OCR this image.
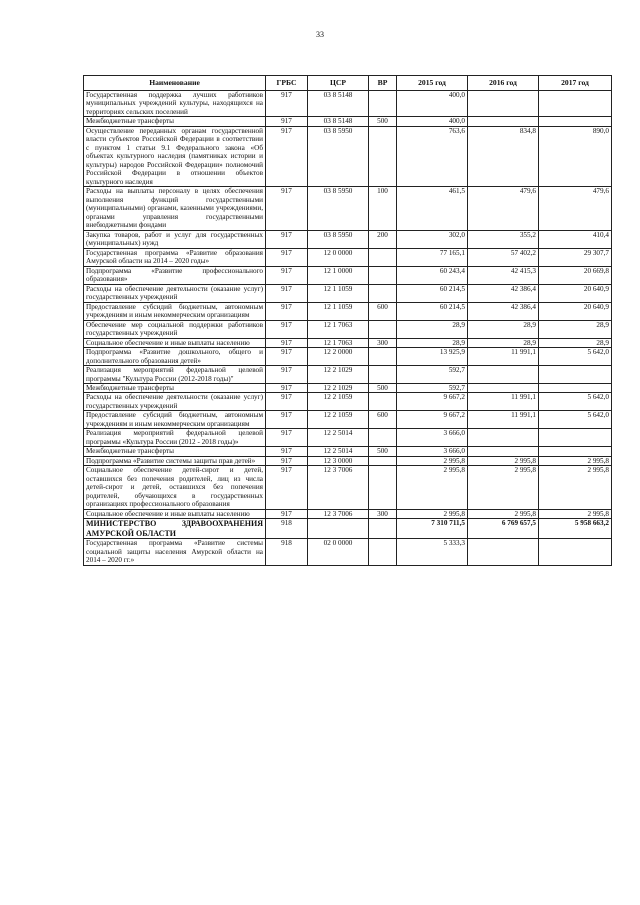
33
Наименование	ГРБС	ЦСР	ВР	2015 год	2016 год	2017 год
Государственная поддержка лучших работников муниципальных учреждений культуры, находящихся на территориях сельских поселений	917	03 8 5148		400,0		
Межбюджетные трансферты	917	03 8 5148	500	400,0		
Осуществление переданных органам государственной власти субъектов Российской Федерации в соответствии с пунктом 1 статьи 9.1 Федерального закона «Об объектах культурного наследия (памятниках истории и культуры) народов Российской Федерации» полномочий Российской Федерации в отношении объектов культурного наследия	917	03 8 5950		763,6	834,8	890,0
Расходы на выплаты персоналу в целях обеспечения выполнения функций государственными (муниципальными) органами, казенными учреждениями, органами управления государственными внебюджетными фондами	917	03 8 5950	100	461,5	479,6	479,6
Закупка товаров, работ и услуг для государственных (муниципальных) нужд	917	03 8 5950	200	302,0	355,2	410,4
Государственная программа «Развитие образования Амурской области на 2014 – 2020 годы»	917	12 0 0000		77 165,1	57 402,2	29 307,7
Подпрограмма «Развитие профессионального образования»	917	12 1 0000		60 243,4	42 415,3	20 669,8
Расходы на обеспечение деятельности (оказание услуг) государственных учреждений	917	12 1 1059		60 214,5	42 386,4	20 640,9
Предоставление субсидий бюджетным, автономным учреждениям и иным некоммерческим организациям	917	12 1 1059	600	60 214,5	42 386,4	20 640,9
Обеспечение мер социальной поддержки работников государственных учреждений	917	12 1 7063		28,9	28,9	28,9
Социальное обеспечение и иные выплаты населению	917	12 1 7063	300	28,9	28,9	28,9
Подпрограмма «Развитие дошкольного, общего и дополнительного образования детей»	917	12 2 0000		13 925,9	11 991,1	5 642,0
Реализация мероприятий федеральной целевой программы "Культура России (2012-2018 годы)"	917	12 2 1029		592,7		
Межбюджетные трансферты	917	12 2 1029	500	592,7		
Расходы на обеспечение деятельности (оказание услуг) государственных учреждений	917	12 2 1059		9 667,2	11 991,1	5 642,0
Предоставление субсидий бюджетным, автономным учреждениям и иным некоммерческим организациям	917	12 2 1059	600	9 667,2	11 991,1	5 642,0
Реализация мероприятий федеральной целевой программы «Культура России (2012 - 2018 годы)»	917	12 2 5014		3 666,0		
Межбюджетные трансферты	917	12 2 5014	500	3 666,0		
Подпрограмма «Развитие системы защиты прав детей»	917	12 3 0000		2 995,8	2 995,8	2 995,8
Социальное обеспечение детей-сирот и детей, оставшихся без попечения родителей, лиц из числа детей-сирот и детей, оставшихся без попечения родителей, обучающихся в государственных организациях профессионального образования	917	12 3 7006		2 995,8	2 995,8	2 995,8
Социальное обеспечение и иные выплаты населению	917	12 3 7006	300	2 995,8	2 995,8	2 995,8
МИНИСТЕРСТВО ЗДРАВООХРАНЕНИЯ АМУРСКОЙ ОБЛАСТИ	918			7 310 711,5	6 769 657,5	5 958 663,2
Государственная программа «Развитие системы социальной защиты населения Амурской области на 2014 – 2020 гг.»	918	02 0 0000		5 333,3		
